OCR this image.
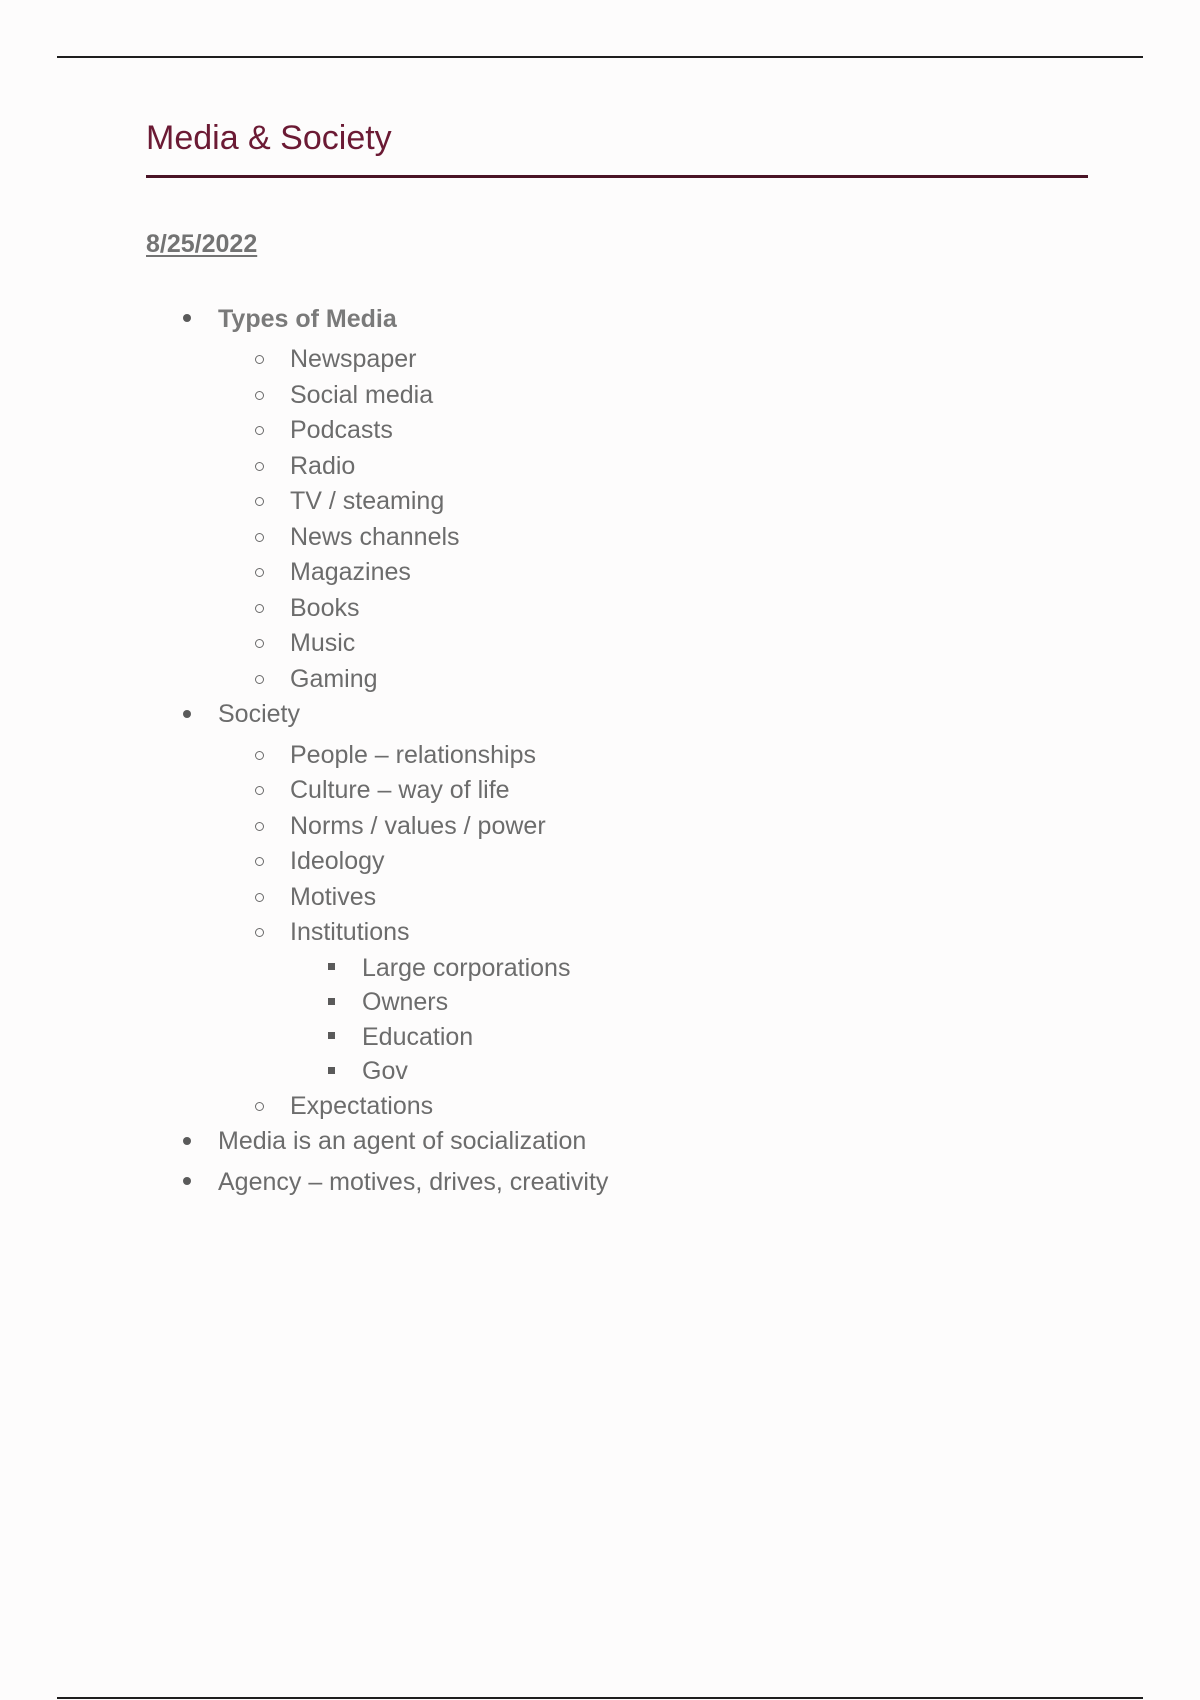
Media & Society
8/25/2022
Types of Media
Newspaper
Social media
Podcasts
Radio
TV / steaming
News channels
Magazines
Books
Music
Gaming
Society
People – relationships
Culture – way of life
Norms / values / power
Ideology
Motives
Institutions
Large corporations
Owners
Education
Gov
Expectations
Media is an agent of socialization
Agency – motives, drives, creativity
